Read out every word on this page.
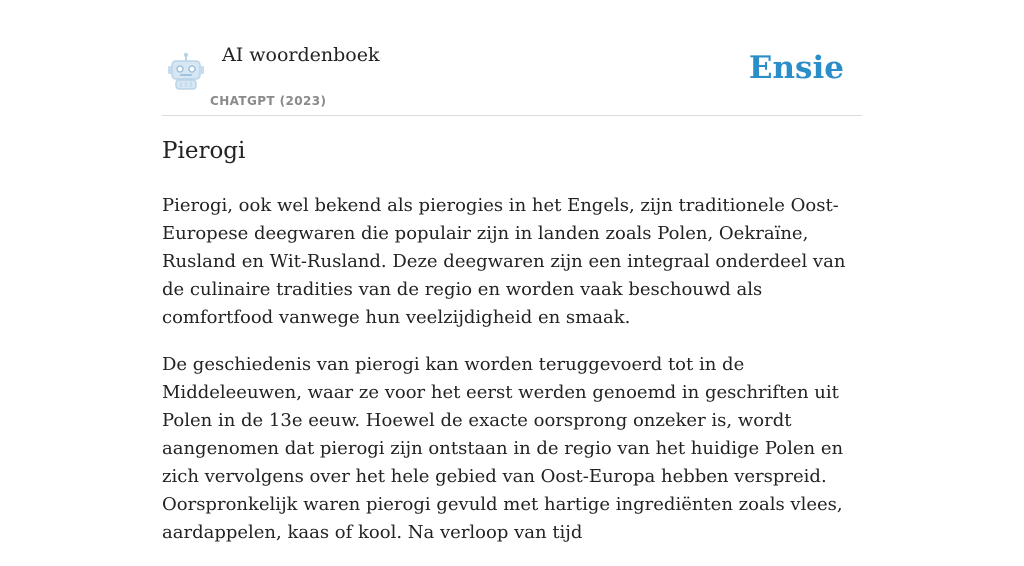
AI woordenboek
CHATGPT (2023)
Ensie
Pierogi

Pierogi, ook wel bekend als pierogies in het Engels, zijn traditionele Oost-Europese deegwaren die populair zijn in landen zoals Polen, Oekraïne, Rusland en Wit-Rusland. Deze deegwaren zijn een integraal onderdeel van de culinaire tradities van de regio en worden vaak beschouwd als comfortfood vanwege hun veelzijdigheid en smaak.

De geschiedenis van pierogi kan worden teruggevoerd tot in de Middeleeuwen, waar ze voor het eerst werden genoemd in geschriften uit Polen in de 13e eeuw. Hoewel de exacte oorsprong onzeker is, wordt aangenomen dat pierogi zijn ontstaan in de regio van het huidige Polen en zich vervolgens over het hele gebied van Oost-Europa hebben verspreid. Oorspronkelijk waren pierogi gevuld met hartige ingrediënten zoals vlees, aardappelen, kaas of kool. Na verloop van tijd
